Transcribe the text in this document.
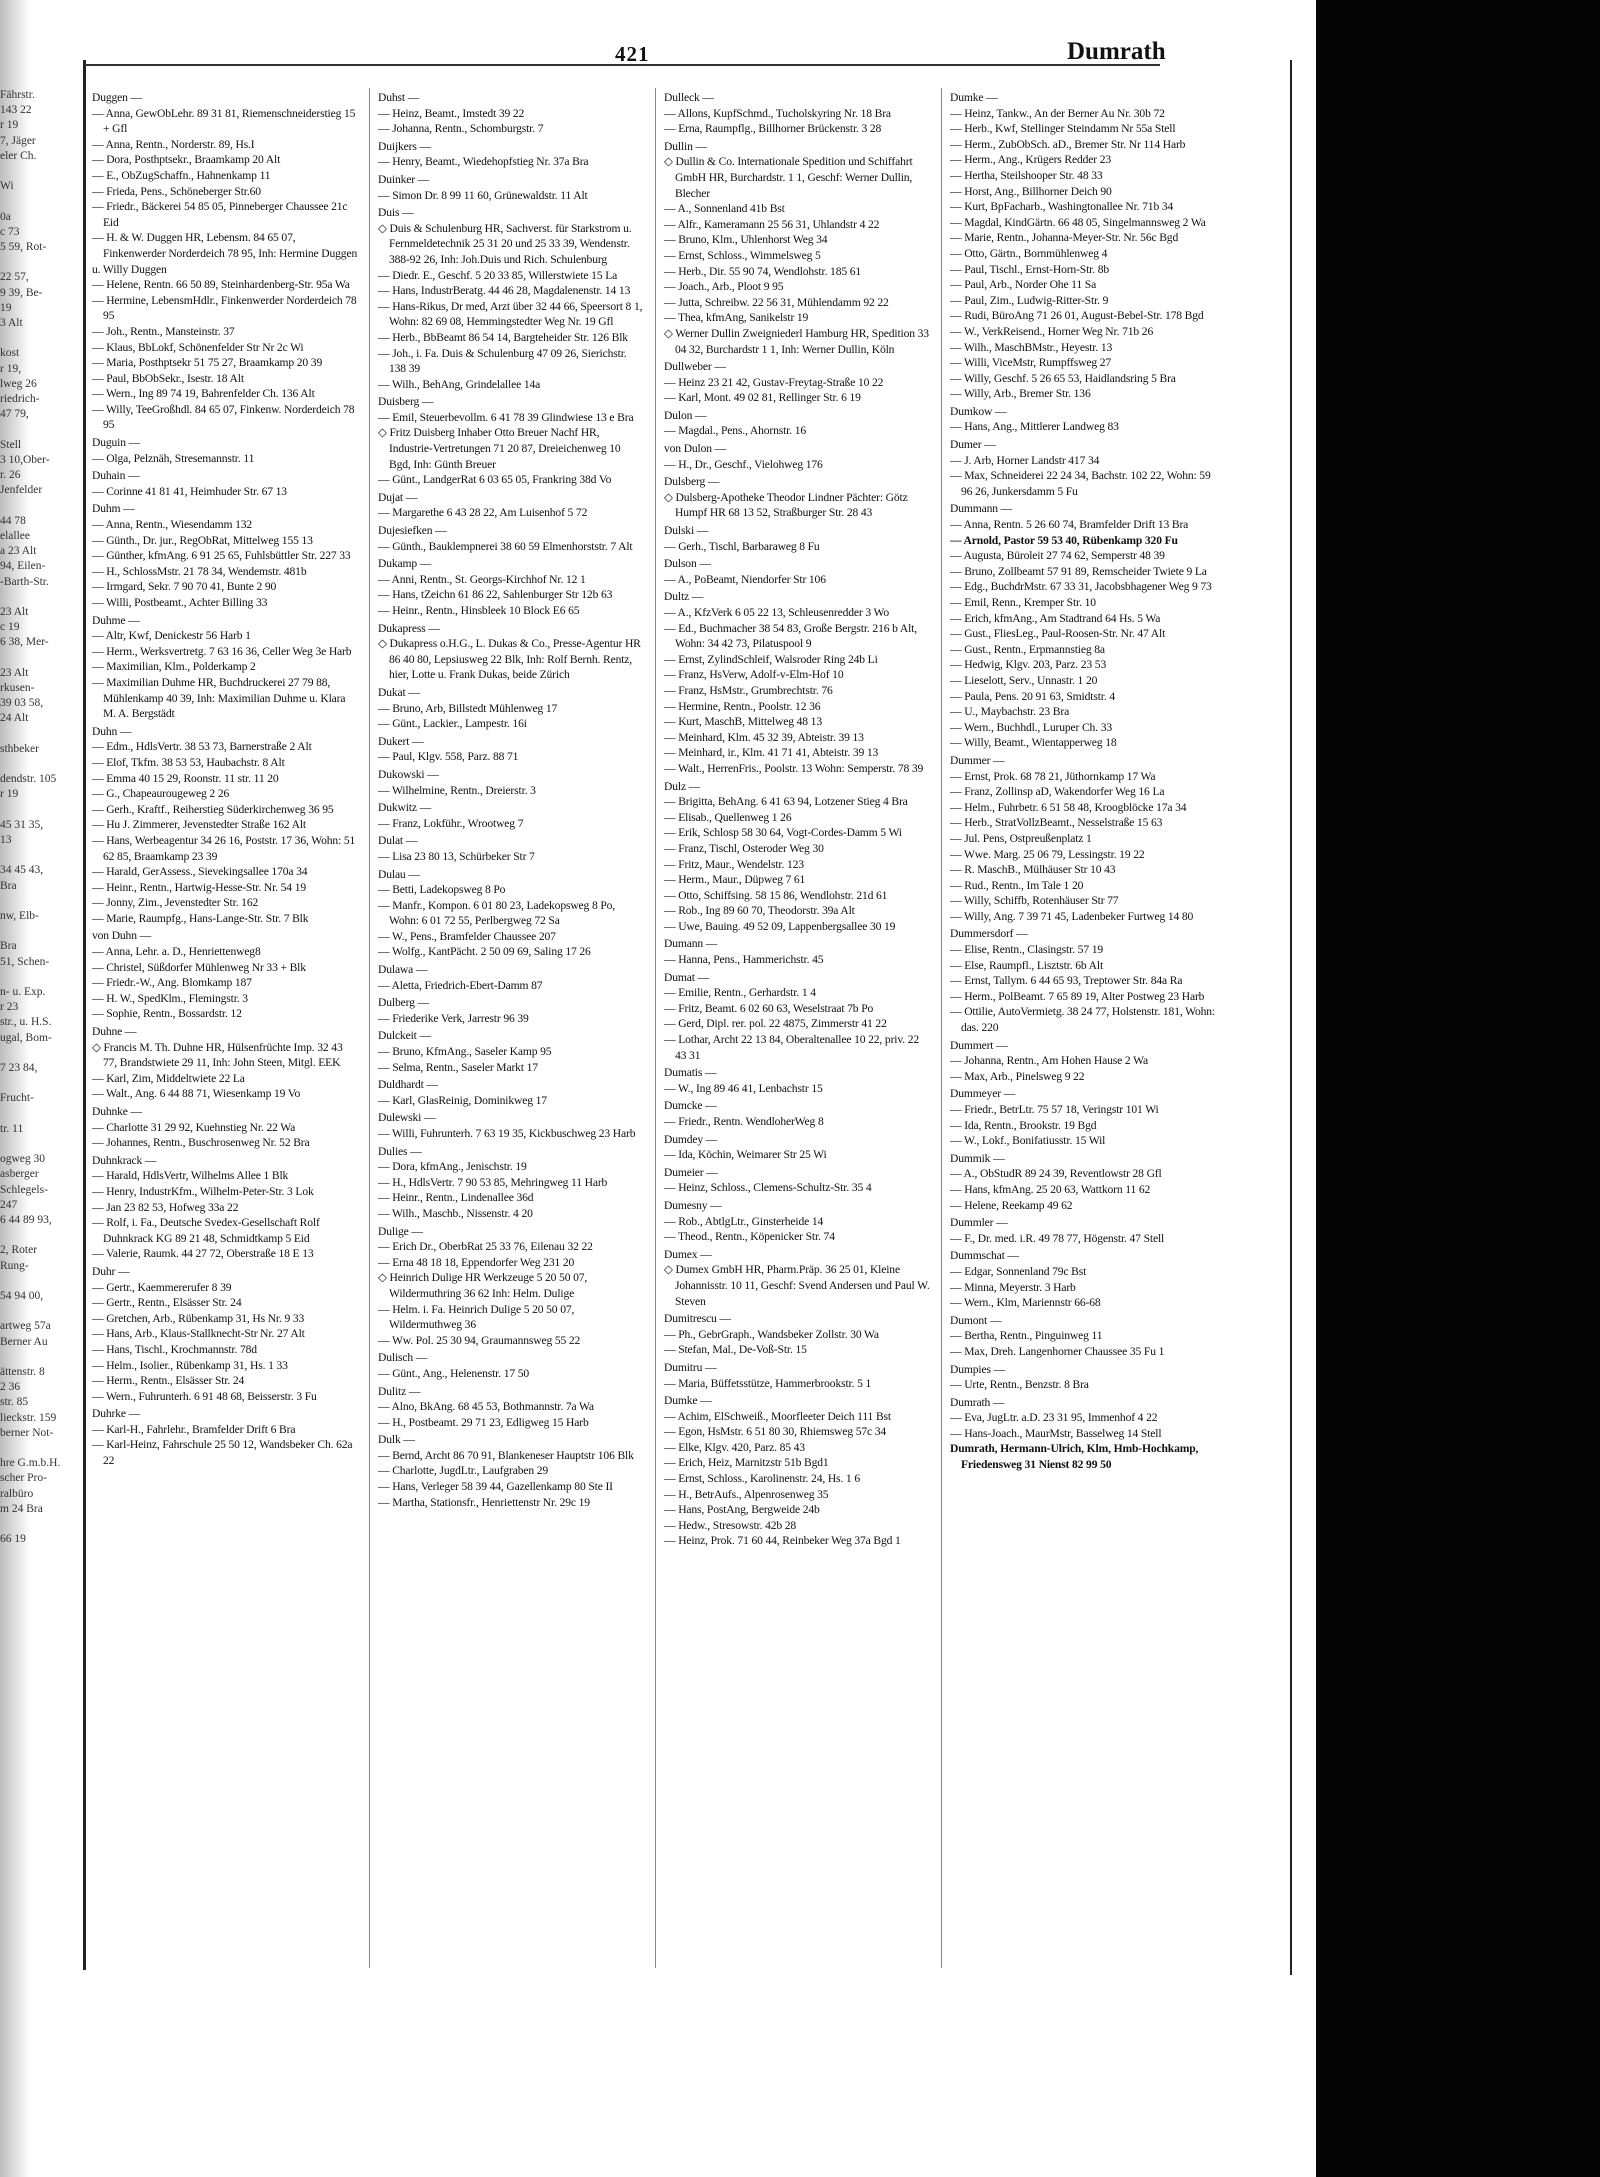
Fährstr.
143 22
r 19
7, Jäger
eler Ch.

Wi

0a
c 73
5 59, Rot-

22 57,
9 39, Be-
19
3 Alt

kost
r 19,
lweg 26
riedrich-
47 79,

Stell
3 10,Ober-
r. 26
Jenfelder

44 78
elallee
a 23 Alt
94, Eilen-
-Barth-Str.

23 Alt
c 19
6 38, Mer-

23 Alt
rkusen-
39 03 58,
24 Alt

sthbeker

dendstr. 105
r 19

45 31 35,
13

34 45 43,
Bra

nw, Elb-

Bra
51, Schen-

n- u. Exp.
r 23
str., u. H.S.
ugal, Bom-

7 23 84,

Frucht-

tr. 11

ogweg 30
asberger
Schlegels-
247
6 44 89 93,

2, Roter
Rung-

54 94 00,

artweg 57a
Berner Au

ättenstr. 8
2 36
str. 85
lieckstr. 159
berner Not-

hre G.m.b.H.
scher Pro-
ralbüro
m 24 Bra

66 19
421	Dumrath
Duggen —
— Anna, GewObLehr. 89 31 81, Riemenschneiderstieg 15 + Gfl
— Anna, Rentn., Norderstr. 89, Hs.I
— Dora, Posthptsekr., Braamkamp 20 Alt
— E., ObZugSchaffn., Hahnenkamp 11
— Frieda, Pens., Schöneberger Str.60
— Friedr., Bäckerei 54 85 05, Pinneberger Chaussee 21c Eid
— H. & W. Duggen HR, Lebensm. 84 65 07, Finkenwerder Norderdeich 78 95, Inh: Hermine Duggen
u. Willy Duggen
— Helene, Rentn. 66 50 89, Steinhardenberg-Str. 95a Wa
— Hermine, LebensmHdlr., Finkenwerder Norderdeich 78 95
— Joh., Rentn., Mansteinstr. 37
— Klaus, BbLokf, Schönenfelder Str Nr 2c Wi
— Maria, Posthptsekr 51 75 27, Braamkamp 20 39
— Paul, BbObSekr., Isestr. 18 Alt
— Wern., Ing 89 74 19, Bahrenfelder Ch. 136 Alt
— Willy, TeeGroßhdl. 84 65 07, Finkenw. Norderdeich 78 95
Duguin —
— Olga, Pelznäh, Stresemannstr. 11
Duhain —
— Corinne 41 81 41, Heimhuder Str. 67 13
Duhm —
— Anna, Rentn., Wiesendamm 132
— Günth., Dr. jur., RegObRat, Mittelweg 155 13
— Günther, kfmAng. 6 91 25 65, Fuhlsbüttler Str. 227 33
— H., SchlossMstr. 21 78 34, Wendemstr. 481b
— Irmgard, Sekr. 7 90 70 41, Bunte 2 90
— Willi, Postbeamt., Achter Billing 33
Duhme —
— Altr, Kwf, Denickestr 56 Harb 1
— Herm., Werksvertretg. 7 63 16 36, Celler Weg 3e Harb
— Maximilian, Klm., Polderkamp 2
— Maximilian Duhme HR, Buchdruckerei 27 79 88, Mühlenkamp 40 39, Inh: Maximilian Duhme u. Klara M. A. Bergstädt
Duhn —
— Edm., HdlsVertr. 38 53 73, Barnerstraße 2 Alt
— Elof, Tkfm. 38 53 53, Haubachstr. 8 Alt
— Emma 40 15 29, Roonstr. 11 str. 11 20
— G., Chapeaurougeweg 2 26
— Gerh., Kraftf., Reiherstieg Süderkirchenweg 36 95
— Hu J. Zimmerer, Jevenstedter Straße 162 Alt
— Hans, Werbeagentur 34 26 16, Poststr. 17 36, Wohn: 51 62 85, Braamkamp 23 39
— Harald, GerAssess., Sievekingsallee 170a 34
— Heinr., Rentn., Hartwig-Hesse-Str. Nr. 54 19
— Jonny, Zim., Jevenstedter Str. 162
— Marie, Raumpfg., Hans-Lange-Str. Str. 7 Blk
von Duhn —
— Anna, Lehr. a. D., Henriettenweg8
— Christel, Süßdorfer Mühlenweg Nr 33 + Blk
— Friedr.-W., Ang. Blomkamp 187
— H. W., SpedKlm., Flemingstr. 3
— Sophie, Rentn., Bossardstr. 12
Duhne —
◇ Francis M. Th. Duhne HR, Hülsenfrüchte Imp. 32 43 77, Brandstwiete 29 11, Inh: John Steen, Mitgl. EEK
— Karl, Zim, Middeltwiete 22 La
— Walt., Ang. 6 44 88 71, Wiesenkamp 19 Vo
Duhnke —
— Charlotte 31 29 92, Kuehnstieg Nr. 22 Wa
— Johannes, Rentn., Buschrosenweg Nr. 52 Bra
Duhnkrack —
— Harald, HdlsVertr, Wilhelms Allee 1 Blk
— Henry, IndustrKfm., Wilhelm-Peter-Str. 3 Lok
— Jan 23 82 53, Hofweg 33a 22
— Rolf, i. Fa., Deutsche Svedex-Gesellschaft Rolf Duhnkrack KG 89 21 48, Schmidtkamp 5 Eid
— Valerie, Raumk. 44 27 72, Oberstraße 18 E 13
Duhr —
— Gertr., Kaemmererufer 8 39
— Gertr., Rentn., Elsässer Str. 24
— Gretchen, Arb., Rübenkamp 31, Hs Nr. 9 33
— Hans, Arb., Klaus-Stallknecht-Str Nr. 27 Alt
— Hans, Tischl., Krochmannstr. 78d
— Helm., Isolier., Rübenkamp 31, Hs. 1 33
— Herm., Rentn., Elsässer Str. 24
— Wern., Fuhrunterh. 6 91 48 68, Beisserstr. 3 Fu
Duhrke —
— Karl-H., Fahrlehr., Bramfelder Drift 6 Bra
— Karl-Heinz, Fahrschule 25 50 12, Wandsbeker Ch. 62a 22
Duhst —
— Heinz, Beamt., Imstedt 39 22
— Johanna, Rentn., Schomburgstr. 7
Duijkers —
— Henry, Beamt., Wiedehopfstieg Nr. 37a Bra
Duinker —
— Simon Dr. 8 99 11 60, Grünewaldstr. 11 Alt
Duis —
◇ Duis & Schulenburg HR, Sachverst. für Starkstrom u. Fernmeldetechnik 25 31 20 und 25 33 39, Wendenstr. 388-92 26, Inh: Joh.Duis und Rich. Schulenburg
— Diedr. E., Geschf. 5 20 33 85, Willerstwiete 15 La
— Hans, IndustrBeratg. 44 46 28, Magdalenenstr. 14 13
— Hans-Rikus, Dr med, Arzt über 32 44 66, Speersort 8 1, Wohn: 82 69 08, Hemmingstedter Weg Nr. 19 Gfl
— Herb., BbBeamt 86 54 14, Bargteheider Str. 126 Blk
— Joh., i. Fa. Duis & Schulenburg 47 09 26, Sierichstr. 138 39
— Wilh., BehAng, Grindelallee 14a
Duisberg —
— Emil, Steuerbevollm. 6 41 78 39 Glindwiese 13 e Bra
◇ Fritz Duisberg Inhaber Otto Breuer Nachf HR, Industrie-Vertretungen 71 20 87, Dreieichenweg 10 Bgd, Inh: Günth Breuer
— Günt., LandgerRat 6 03 65 05, Frankring 38d Vo
Dujat —
— Margarethe 6 43 28 22, Am Luisenhof 5 72
Dujesiefken —
— Günth., Bauklempnerei 38 60 59 Elmenhorststr. 7 Alt
Dukamp —
— Anni, Rentn., St. Georgs-Kirchhof Nr. 12 1
— Hans, tZeichn 61 86 22, Sahlenburger Str 12b 63
— Heinr., Rentn., Hinsbleek 10 Block E6 65
Dukapress —
◇ Dukapress o.H.G., L. Dukas & Co., Presse-Agentur HR 86 40 80, Lepsiusweg 22 Blk, Inh: Rolf Bernh. Rentz, hier, Lotte u. Frank Dukas, beide Zürich
Dukat —
— Bruno, Arb, Billstedt Mühlenweg 17
— Günt., Lackier., Lampestr. 16i
Dukert —
— Paul, Klgv. 558, Parz. 88 71
Dukowski —
— Wilhelmine, Rentn., Dreierstr. 3
Dukwitz —
— Franz, Lokführ., Wrootweg 7
Dulat —
— Lisa 23 80 13, Schürbeker Str 7
Dulau —
— Betti, Ladekopsweg 8 Po
— Manfr., Kompon. 6 01 80 23, Ladekopsweg 8 Po, Wohn: 6 01 72 55, Perlbergweg 72 Sa
— W., Pens., Bramfelder Chaussee 207
— Wolfg., KantPächt. 2 50 09 69, Saling 17 26
Dulawa —
— Aletta, Friedrich-Ebert-Damm 87
Dulberg —
— Friederike Verk, Jarrestr 96 39
Dulckeit —
— Bruno, KfmAng., Saseler Kamp 95
— Selma, Rentn., Saseler Markt 17
Duldhardt —
— Karl, GlasReinig, Dominikweg 17
Dulewski —
— Willi, Fuhrunterh. 7 63 19 35, Kickbuschweg 23 Harb
Dulies —
— Dora, kfmAng., Jenischstr. 19
— H., HdlsVertr. 7 90 53 85, Mehringweg 11 Harb
— Heinr., Rentn., Lindenallee 36d
— Wilh., Maschb., Nissenstr. 4 20
Dulige —
— Erich Dr., OberbRat 25 33 76, Eilenau 32 22
— Erna 48 18 18, Eppendorfer Weg 231 20
◇ Heinrich Dulige HR Werkzeuge 5 20 50 07, Wildermuthring 36 62 Inh: Helm. Dulige
— Helm. i. Fa. Heinrich Dulige 5 20 50 07, Wildermuthweg 36
— Ww. Pol. 25 30 94, Graumannsweg 55 22
Dulisch —
— Günt., Ang., Helenenstr. 17 50
Dulitz —
— Alno, BkAng. 68 45 53, Bothmannstr. 7a Wa
— H., Postbeamt. 29 71 23, Edligweg 15 Harb
Dulk —
— Bernd, Archt 86 70 91, Blankeneser Hauptstr 106 Blk
— Charlotte, JugdLtr., Laufgraben 29
— Hans, Verleger 58 39 44, Gazellenkamp 80 Ste II
— Martha, Stationsfr., Henriettenstr Nr. 29c 19
Dulleck —
— Allons, KupfSchmd., Tucholskyring Nr. 18 Bra
— Erna, Raumpflg., Billhorner Brückenstr. 3 28
Dullin —
◇ Dullin & Co. Internationale Spedition und Schiffahrt GmbH HR, Burchardstr. 1 1, Geschf: Werner Dullin, Blecher
— A., Sonnenland 41b Bst
— Alfr., Kameramann 25 56 31, Uhlandstr 4 22
— Bruno, Klm., Uhlenhorst Weg 34
— Ernst, Schloss., Wimmelsweg 5
— Herb., Dir. 55 90 74, Wendlohstr. 185 61
— Joach., Arb., Ploot 9 95
— Jutta, Schreibw. 22 56 31, Mühlendamm 92 22
— Thea, kfmAng, Sanikelstr 19
◇ Werner Dullin Zweigniederl Hamburg HR, Spedition 33 04 32, Burchardstr 1 1, Inh: Werner Dullin, Köln
Dullweber —
— Heinz 23 21 42, Gustav-Freytag-Straße 10 22
— Karl, Mont. 49 02 81, Rellinger Str. 6 19
Dulon —
— Magdal., Pens., Ahornstr. 16
von Dulon —
— H., Dr., Geschf., Vielohweg 176
Dulsberg —
◇ Dulsberg-Apotheke Theodor Lindner Pächter: Götz Humpf HR 68 13 52, Straßburger Str. 28 43
Dulski —
— Gerh., Tischl, Barbaraweg 8 Fu
Dulson —
— A., PoBeamt, Niendorfer Str 106
Dultz —
— A., KfzVerk 6 05 22 13, Schleusenredder 3 Wo
— Ed., Buchmacher 38 54 83, Große Bergstr. 216 b Alt, Wohn: 34 42 73, Pilatuspool 9
— Ernst, ZylindSchleif, Walsroder Ring 24b Li
— Franz, HsVerw, Adolf-v-Elm-Hof 10
— Franz, HsMstr., Grumbrechtstr. 76
— Hermine, Rentn., Poolstr. 12 36
— Kurt, MaschB, Mittelweg 48 13
— Meinhard, Klm. 45 32 39, Abteistr. 39 13
— Meinhard, ir., Klm. 41 71 41, Abteistr. 39 13
— Walt., HerrenFris., Poolstr. 13 Wohn: Semperstr. 78 39
Dulz —
— Brigitta, BehAng. 6 41 63 94, Lotzener Stieg 4 Bra
— Elisab., Quellenweg 1 26
— Erik, Schlosp 58 30 64, Vogt-Cordes-Damm 5 Wi
— Franz, Tischl, Osteroder Weg 30
— Fritz, Maur., Wendelstr. 123
— Herm., Maur., Düpweg 7 61
— Otto, Schiffsing. 58 15 86, Wendlohstr. 21d 61
— Rob., Ing 89 60 70, Theodorstr. 39a Alt
— Uwe, Bauing. 49 52 09, Lappenbergsallee 30 19
Dumann —
— Hanna, Pens., Hammerichstr. 45
Dumat —
— Emilie, Rentn., Gerhardstr. 1 4
— Fritz, Beamt. 6 02 60 63, Weselstraat 7b Po
— Gerd, Dipl. rer. pol. 22 4875, Zimmerstr 41 22
— Lothar, Archt 22 13 84, Oberaltenallee 10 22, priv. 22 43 31
Dumatis —
— W., Ing 89 46 41, Lenbachstr 15
Dumcke —
— Friedr., Rentn. WendloherWeg 8
Dumdey —
— Ida, Köchin, Weimarer Str 25 Wi
Dumeier —
— Heinz, Schloss., Clemens-Schultz-Str. 35 4
Dumesny —
— Rob., AbtlgLtr., Ginsterheide 14
— Theod., Rentn., Köpenicker Str. 74
Dumex —
◇ Dumex GmbH HR, Pharm.Präp. 36 25 01, Kleine Johannisstr. 10 11, Geschf: Svend Andersen und Paul W. Steven
Dumitrescu —
— Ph., GebrGraph., Wandsbeker Zollstr. 30 Wa
— Stefan, Mal., De-Voß-Str. 15
Dumitru —
— Maria, Büffetsstütze, Hammerbrookstr. 5 1
Dumke —
— Achim, ElSchweiß., Moorfleeter Deich 111 Bst
— Egon, HsMstr. 6 51 80 30, Rhiemsweg 57c 34
— Elke, Klgv. 420, Parz. 85 43
— Erich, Heiz, Marnitzstr 51b Bgd1
— Ernst, Schloss., Karolinenstr. 24, Hs. 1 6
— H., BetrAufs., Alpenrosenweg 35
— Hans, PostAng, Bergweide 24b
— Hedw., Stresowstr. 42b 28
— Heinz, Prok. 71 60 44, Reinbeker Weg 37a Bgd 1
Dumke —
— Heinz, Tankw., An der Berner Au Nr. 30b 72
— Herb., Kwf, Stellinger Steindamm Nr 55a Stell
— Herm., ZubObSch. aD., Bremer Str. Nr 114 Harb
— Herm., Ang., Krügers Redder 23
— Hertha, Steilshooper Str. 48 33
— Horst, Ang., Billhorner Deich 90
— Kurt, BpFacharb., Washingtonallee Nr. 71b 34
— Magdal, KindGärtn. 66 48 05, Singelmannsweg 2 Wa
— Marie, Rentn., Johanna-Meyer-Str. Nr. 56c Bgd
— Otto, Gärtn., Bornmühlenweg 4
— Paul, Tischl., Ernst-Horn-Str. 8b
— Paul, Arb., Norder Ohe 11 Sa
— Paul, Zim., Ludwig-Ritter-Str. 9
— Rudi, BüroAng 71 26 01, August-Bebel-Str. 178 Bgd
— W., VerkReisend., Horner Weg Nr. 71b 26
— Wilh., MaschBMstr., Heyestr. 13
— Willi, ViceMstr, Rumpffsweg 27
— Willy, Geschf. 5 26 65 53, Haidlandsring 5 Bra
— Willy, Arb., Bremer Str. 136
Dumkow —
— Hans, Ang., Mittlerer Landweg 83
Dumer —
— J. Arb, Horner Landstr 417 34
— Max, Schneiderei 22 24 34, Bachstr. 102 22, Wohn: 59 96 26, Junkersdamm 5 Fu
Dummann —
— Anna, Rentn. 5 26 60 74, Bramfelder Drift 13 Bra
— Arnold, Pastor 59 53 40, Rübenkamp 320 Fu
— Augusta, Büroleit 27 74 62, Semperstr 48 39
— Bruno, Zollbeamt 57 91 89, Remscheider Twiete 9 La
— Edg., BuchdrMstr. 67 33 31, Jacobsbhagener Weg 9 73
— Emil, Renn., Kremper Str. 10
— Erich, kfmAng., Am Stadtrand 64 Hs. 5 Wa
— Gust., FliesLeg., Paul-Roosen-Str. Nr. 47 Alt
— Gust., Rentn., Erpmannstieg 8a
— Hedwig, Klgv. 203, Parz. 23 53
— Lieselott, Serv., Unnastr. 1 20
— Paula, Pens. 20 91 63, Smidtstr. 4
— U., Maybachstr. 23 Bra
— Wern., Buchhdl., Luruper Ch. 33
— Willy, Beamt., Wientapperweg 18
Dummer —
— Ernst, Prok. 68 78 21, Jüthornkamp 17 Wa
— Franz, Zollinsp aD, Wakendorfer Weg 16 La
— Helm., Fuhrbetr. 6 51 58 48, Kroogblöcke 17a 34
— Herb., StratVollzBeamt., Nesselstraße 15 63
— Jul. Pens, Ostpreußenplatz 1
— Wwe. Marg. 25 06 79, Lessingstr. 19 22
— R. MaschB., Mülhäuser Str 10 43
— Rud., Rentn., Im Tale 1 20
— Willy, Schiffb, Rotenhäuser Str 77
— Willy, Ang. 7 39 71 45, Ladenbeker Furtweg 14 80
Dummersdorf —
— Elise, Rentn., Clasingstr. 57 19
— Else, Raumpfl., Lisztstr. 6b Alt
— Ernst, Tallym. 6 44 65 93, Treptower Str. 84a Ra
— Herm., PolBeamt. 7 65 89 19, Alter Postweg 23 Harb
— Ottilie, AutoVermietg. 38 24 77, Holstenstr. 181, Wohn: das. 220
Dummert —
— Johanna, Rentn., Am Hohen Hause 2 Wa
— Max, Arb., Pinelsweg 9 22
Dummeyer —
— Friedr., BetrLtr. 75 57 18, Veringstr 101 Wi
— Ida, Rentn., Brookstr. 19 Bgd
— W., Lokf., Bonifatiusstr. 15 Wil
Dummik —
— A., ObStudR 89 24 39, Reventlowstr 28 Gfl
— Hans, kfmAng. 25 20 63, Wattkorn 11 62
— Helene, Reekamp 49 62
Dummler —
— F., Dr. med. i.R. 49 78 77, Högenstr. 47 Stell
Dummschat —
— Edgar, Sonnenland 79c Bst
— Minna, Meyerstr. 3 Harb
— Wern., Klm, Mariennstr 66-68
Dumont —
— Bertha, Rentn., Pinguinweg 11
— Max, Dreh. Langenhorner Chaussee 35 Fu 1
Dumpies —
— Urte, Rentn., Benzstr. 8 Bra
Dumrath —
— Eva, JugLtr. a.D. 23 31 95, Immenhof 4 22
— Hans-Joach., MaurMstr, Basselweg 14 Stell
Dumrath, Hermann-Ulrich, Klm, Hmb-Hochkamp, Friedensweg 31 Nienst 82 99 50
